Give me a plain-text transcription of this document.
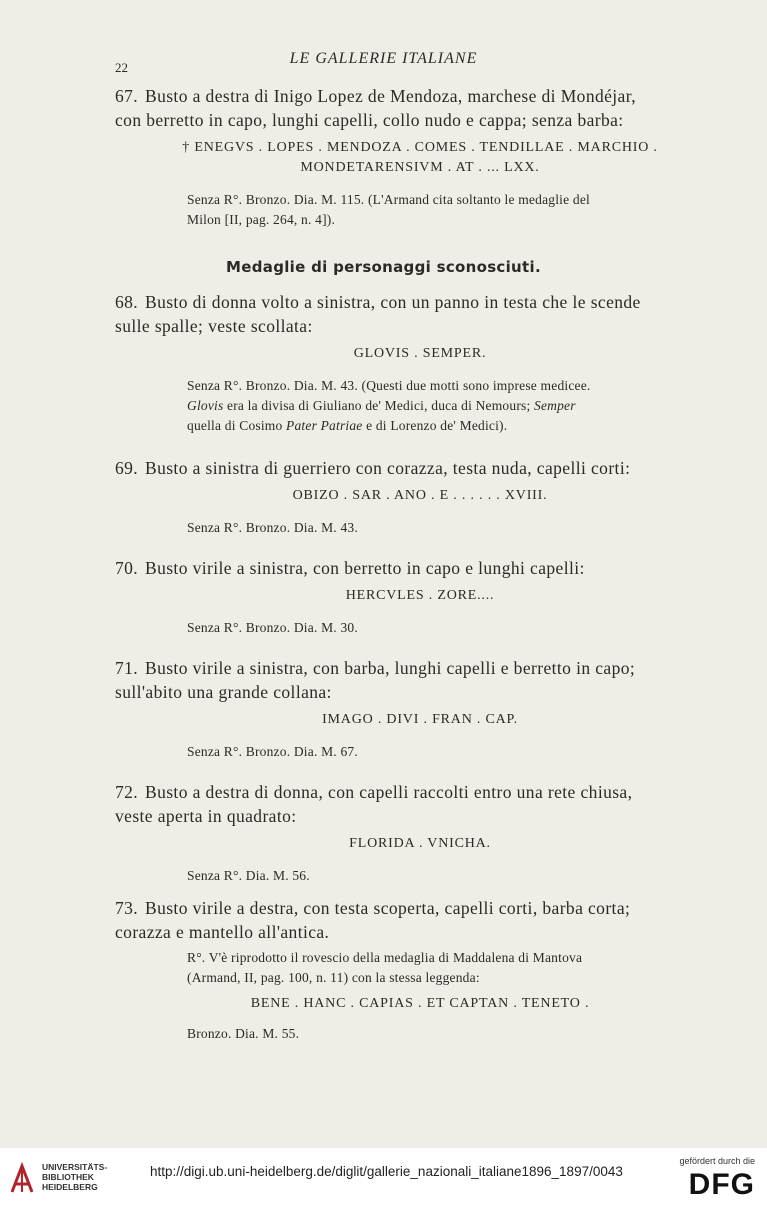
22
LE GALLERIE ITALIANE
67. Busto a destra di Inigo Lopez de Mendoza, marchese di Mondéjar,
con berretto in capo, lunghi capelli, collo nudo e cappa; senza barba:
† ENEGVS . LOPES . MENDOZA . COMES . TENDILLAE . MARCHIO .
MONDETARENSIVM . AT . ... LXX.
Senza R°. Bronzo. Dia. M. 115. (L'Armand cita soltanto le medaglie del
Milon [II, pag. 264, n. 4]).
Medaglie di personaggi sconosciuti.
68. Busto di donna volto a sinistra, con un panno in testa che le scende
sulle spalle; veste scollata:
GLOVIS . SEMPER.
Senza R°. Bronzo. Dia. M. 43. (Questi due motti sono imprese medicee.
Glovis era la divisa di Giuliano de' Medici, duca di Nemours; Semper
quella di Cosimo Pater Patriae e di Lorenzo de' Medici).
69. Busto a sinistra di guerriero con corazza, testa nuda, capelli corti:
OBIZO . SAR . ANO . E . . . . . . XVIII.
Senza R°. Bronzo. Dia. M. 43.
70. Busto virile a sinistra, con berretto in capo e lunghi capelli:
HERCVLES . ZORE....
Senza R°. Bronzo. Dia. M. 30.
71. Busto virile a sinistra, con barba, lunghi capelli e berretto in capo;
sull'abito una grande collana:
IMAGO . DIVI . FRAN . CAP.
Senza R°. Bronzo. Dia. M. 67.
72. Busto a destra di donna, con capelli raccolti entro una rete chiusa,
veste aperta in quadrato:
FLORIDA . VNICHA.
Senza R°. Dia. M. 56.
73. Busto virile a destra, con testa scoperta, capelli corti, barba corta;
corazza e mantello all'antica.
R°. V'è riprodotto il rovescio della medaglia di Maddalena di Mantova
(Armand, II, pag. 100, n. 11) con la stessa leggenda:
BENE . HANC . CAPIAS . ET CAPTAN . TENETO .
Bronzo. Dia. M. 55.
UNIVERSITÄTS-
BIBLIOTHEK
HEIDELBERG
http://digi.ub.uni-heidelberg.de/diglit/gallerie_nazionali_italiane1896_1897/0043
gefördert durch die
DFG
